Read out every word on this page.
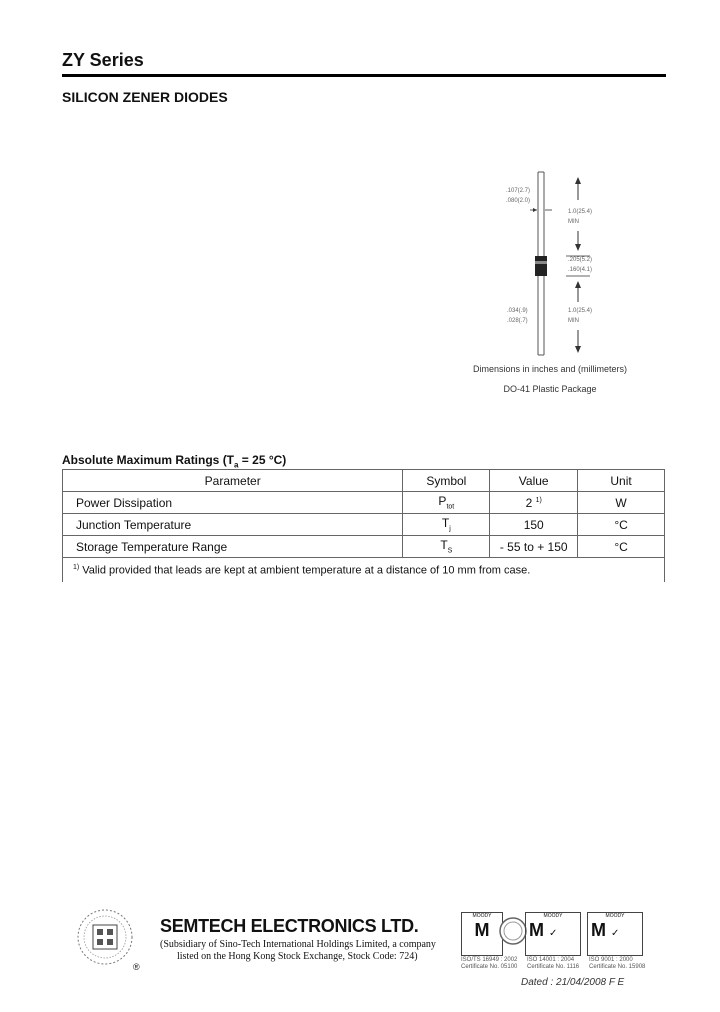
ZY Series
SILICON ZENER DIODES
.107(2.7)
.080(2.0)
1.0(25.4)
MIN
.205(5.2)
.160(4.1)
.034(.9)
.028(.7)
1.0(25.4)
MIN
Dimensions in inches and (millimeters)
DO-41 Plastic Package
Absolute Maximum Ratings ($T_a = 25$ °C)
Parameter	Symbol	Value	Unit
Power Dissipation	$P_{tot}$	2 $^{1)}$	W
Junction Temperature	$T_j$	150	°C
Storage Temperature Range	$T_S$	- 55 to + 150	°C
$^{1)}$ Valid provided that leads are kept at ambient temperature at a distance of 10 mm from case.			
®
SEMTECH ELECTRONICS LTD.
(Subsidiary of Sino-Tech International Holdings Limited, a company
listed on the Hong Kong Stock Exchange, Stock Code: 724)
MOODY
M
MOODY
M ✓
MOODY
M ✓
ISO/TS 16949 : 2002
Certificate No. 05100
ISO 14001 : 2004
Certificate No. 1116
ISO 9001 : 2000
Certificate No. 15908
Dated : 21/04/2008 F E
